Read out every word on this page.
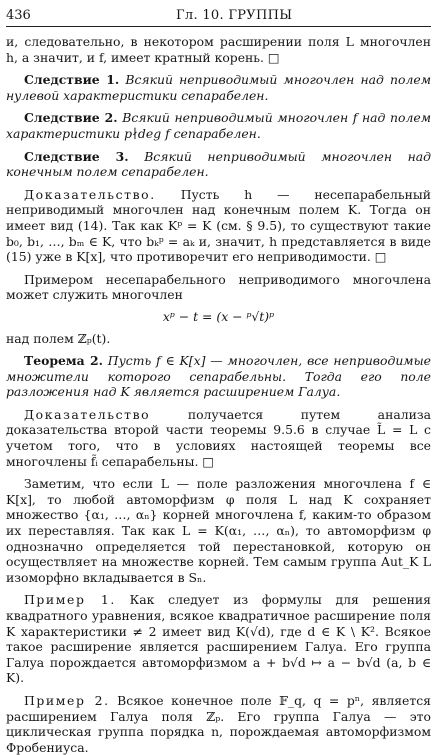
436	Гл. 10. ГРУППЫ

и, следовательно, в некотором расширении поля L многочлен h, а значит, и f, имеет кратный корень. □

Следствие 1. Всякий неприводимый многочлен над полем нулевой характеристики сепарабелен.

Следствие 2. Всякий неприводимый многочлен f над полем характеристики p∤deg f сепарабелен.

Следствие 3. Всякий неприводимый многочлен над конечным полем сепарабелен.

Доказательство. Пусть h — несепарабельный неприводимый многочлен над конечным полем K. Тогда он имеет вид (14). Так как Kᵖ = K (см. § 9.5), то существуют такие b₀, b₁, …, bₘ ∈ K, что bₖᵖ = aₖ и, значит, h представляется в виде (15) уже в K[x], что противоречит его неприводимости. □

Примером несепарабельного неприводимого многочлена может служить многочлен

xᵖ − t = (x − ᵖ√t)ᵖ

над полем ℤₚ(t).

Теорема 2. Пусть f ∈ K[x] — многочлен, все неприводимые множители которого сепарабельны. Тогда его поле разложения над K является расширением Галуа.

Доказательство	получается путем анализа доказательства второй части теоремы 9.5.6 в случае L̃ = L с учетом того, что в условиях настоящей теоремы все многочлены f̃ᵢ сепарабельны. □

Заметим, что если L — поле разложения многочлена f ∈ K[x], то любой автоморфизм φ поля L над K сохраняет множество {α₁, …, αₙ} корней многочлена f, каким-то образом их переставляя. Так как L = K(α₁, …, αₙ), то автоморфизм φ однозначно определяется той перестановкой, которую он осуществляет на множестве корней. Тем самым группа Aut_K L изоморфно вкладывается в Sₙ.

Пример 1. Как следует из формулы для решения квадратного уравнения, всякое квадратичное расширение поля K характеристики ≠ 2 имеет вид K(√d), где d ∈ K \ K². Всякое такое расширение является расширением Галуа. Его группа Галуа порождается автоморфизмом a + b√d ↦ a − b√d (a, b ∈ K).

Пример 2. Всякое конечное поле 𝔽_q, q = pⁿ, является расширением Галуа поля ℤₚ. Его группа Галуа — это циклическая группа порядка n, порождаемая автоморфизмом Фробениуса.
